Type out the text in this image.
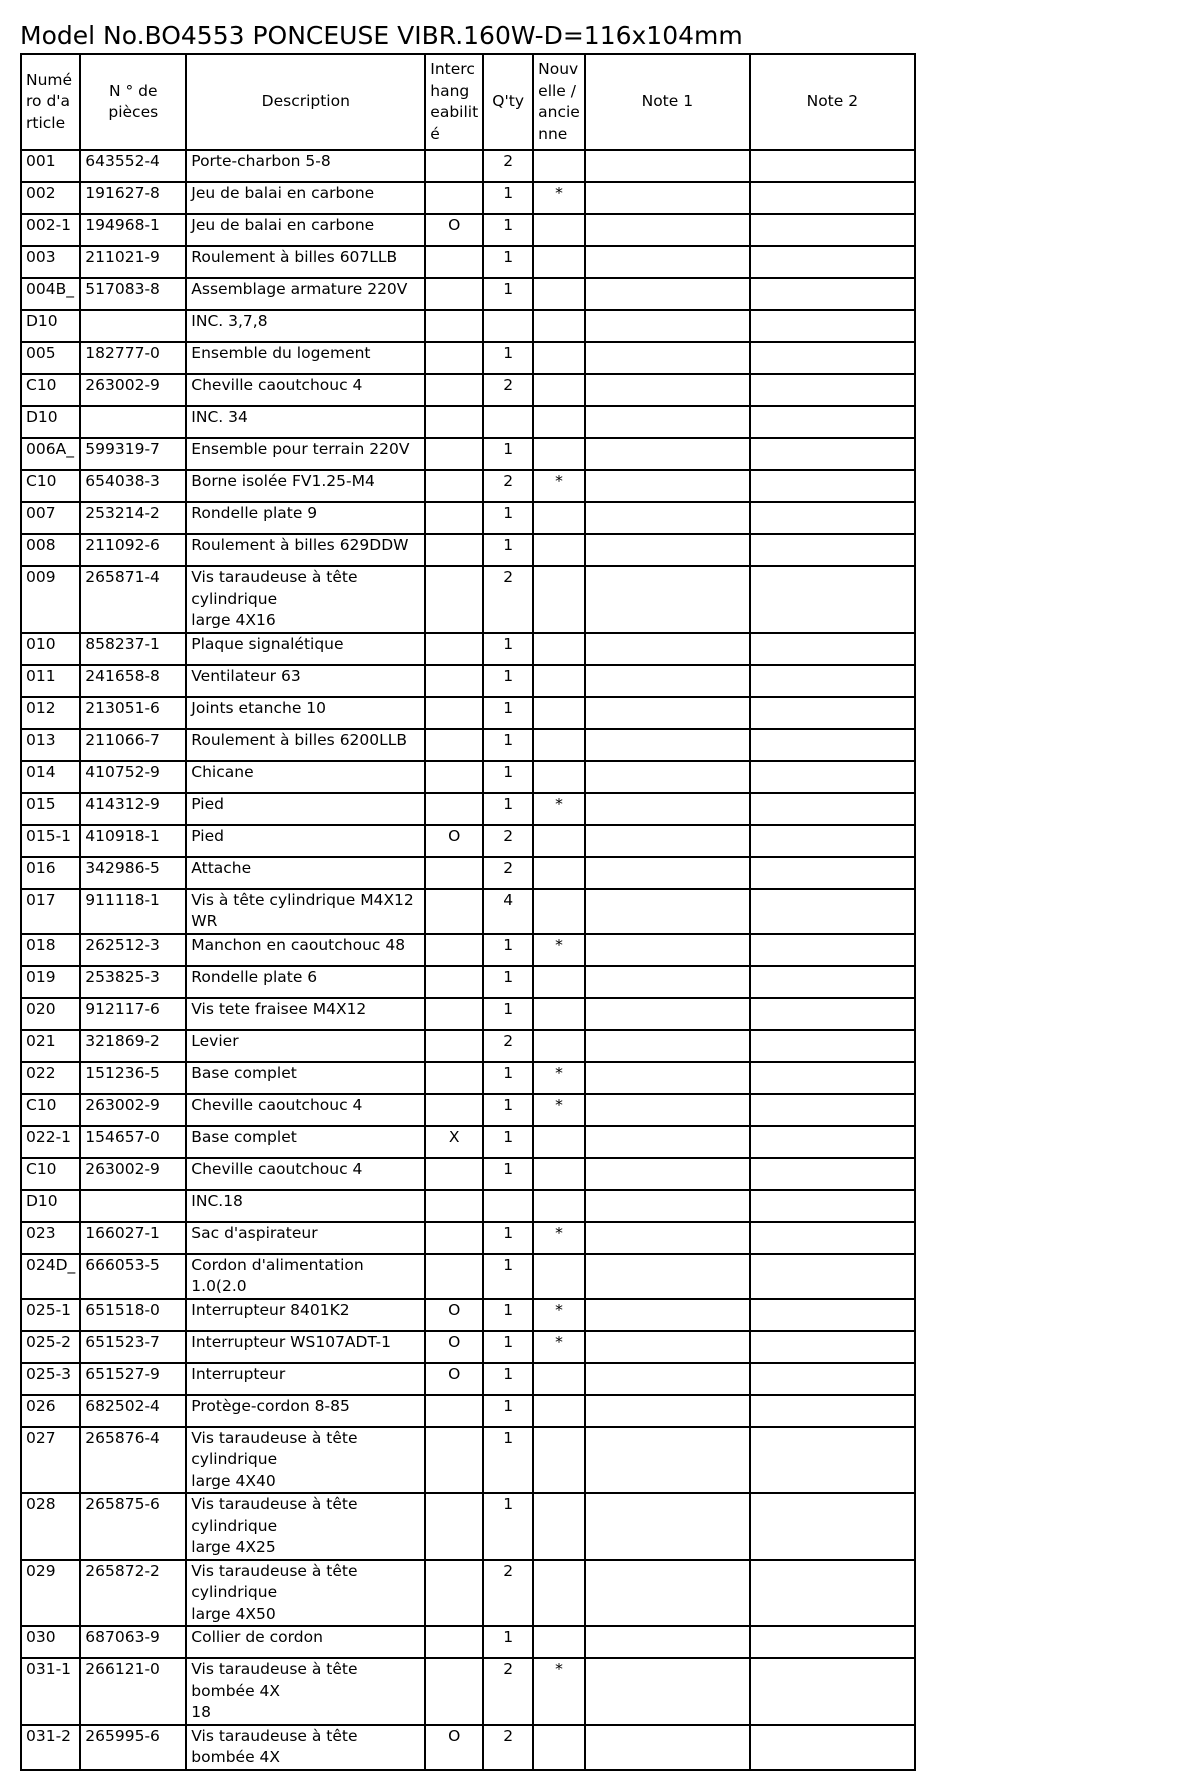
Model No.BO4553 PONCEUSE VIBR.160W-D=116x104mm
Numé
ro d'a
rticle	N ° de pièces	Description	Interc
hang
eabilit
é	Q'ty	Nouv
elle /
ancie
nne	Note 1	Note 2
001	643552-4	Porte-charbon 5-8		2			
002	191627-8	Jeu de balai en carbone		1	*		
002-1	194968-1	Jeu de balai en carbone	O	1			
003	211021-9	Roulement à billes 607LLB		1			
004B_	517083-8	Assemblage armature 220V		1			
D10		INC. 3,7,8					
005	182777-0	Ensemble du logement		1			
C10	263002-9	Cheville caoutchouc 4		2			
D10		INC. 34					
006A_	599319-7	Ensemble pour terrain 220V		1			
C10	654038-3	Borne isolée FV1.25-M4		2	*		
007	253214-2	Rondelle plate 9		1			
008	211092-6	Roulement à billes 629DDW		1			
009	265871-4	Vis taraudeuse à tête cylindrique
large 4X16		2			
010	858237-1	Plaque signalétique		1			
011	241658-8	Ventilateur 63		1			
012	213051-6	Joints etanche 10		1			
013	211066-7	Roulement à billes 6200LLB		1			
014	410752-9	Chicane		1			
015	414312-9	Pied		1	*		
015-1	410918-1	Pied	O	2			
016	342986-5	Attache		2			
017	911118-1	Vis à tête cylindrique M4X12 WR		4			
018	262512-3	Manchon en caoutchouc 48		1	*		
019	253825-3	Rondelle plate 6		1			
020	912117-6	Vis tete fraisee M4X12		1			
021	321869-2	Levier		2			
022	151236-5	Base complet		1	*		
C10	263002-9	Cheville caoutchouc 4		1	*		
022-1	154657-0	Base complet	X	1			
C10	263002-9	Cheville caoutchouc 4		1			
D10		INC.18					
023	166027-1	Sac d'aspirateur		1	*		
024D_	666053-5	Cordon d'alimentation 1.0(2.0		1			
025-1	651518-0	Interrupteur 8401K2	O	1	*		
025-2	651523-7	Interrupteur WS107ADT-1	O	1	*		
025-3	651527-9	Interrupteur	O	1			
026	682502-4	Protège-cordon 8-85		1			
027	265876-4	Vis taraudeuse à tête cylindrique
large 4X40		1			
028	265875-6	Vis taraudeuse à tête cylindrique
large 4X25		1			
029	265872-2	Vis taraudeuse à tête cylindrique
large 4X50		2			
030	687063-9	Collier de cordon		1			
031-1	266121-0	Vis taraudeuse à tête bombée 4X
18		2	*		
031-2	265995-6	Vis taraudeuse à tête bombée 4X	O	2			
